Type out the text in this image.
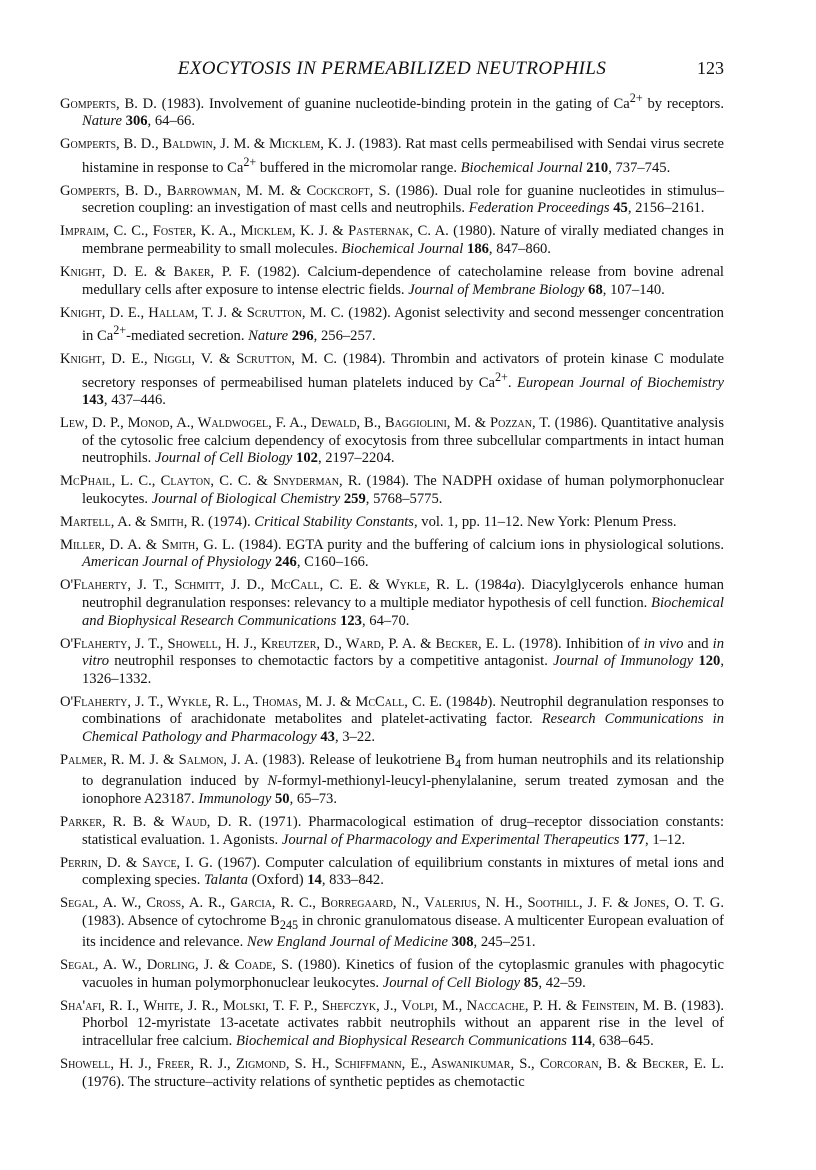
EXOCYTOSIS IN PERMEABILIZED NEUTROPHILS	123

Gomperts, B. D. (1983). Involvement of guanine nucleotide-binding protein in the gating of $Ca^{2+}$ by receptors. Nature 306, 64–66.

Gomperts, B. D., Baldwin, J. M. & Micklem, K. J. (1983). Rat mast cells permeabilised with Sendai virus secrete histamine in response to $Ca^{2+}$ buffered in the micromolar range. Biochemical Journal 210, 737–745.

Gomperts, B. D., Barrowman, M. M. & Cockcroft, S. (1986). Dual role for guanine nucleotides in stimulus–secretion coupling: an investigation of mast cells and neutrophils. Federation Proceedings 45, 2156–2161.

Impraim, C. C., Foster, K. A., Micklem, K. J. & Pasternak, C. A. (1980). Nature of virally mediated changes in membrane permeability to small molecules. Biochemical Journal 186, 847–860.

Knight, D. E. & Baker, P. F. (1982). Calcium-dependence of catecholamine release from bovine adrenal medullary cells after exposure to intense electric fields. Journal of Membrane Biology 68, 107–140.

Knight, D. E., Hallam, T. J. & Scrutton, M. C. (1982). Agonist selectivity and second messenger concentration in $Ca^{2+}$-mediated secretion. Nature 296, 256–257.

Knight, D. E., Niggli, V. & Scrutton, M. C. (1984). Thrombin and activators of protein kinase C modulate secretory responses of permeabilised human platelets induced by $Ca^{2+}$. European Journal of Biochemistry 143, 437–446.

Lew, D. P., Monod, A., Waldwogel, F. A., Dewald, B., Baggiolini, M. & Pozzan, T. (1986). Quantitative analysis of the cytosolic free calcium dependency of exocytosis from three subcellular compartments in intact human neutrophils. Journal of Cell Biology 102, 2197–2204.

McPhail, L. C., Clayton, C. C. & Snyderman, R. (1984). The NADPH oxidase of human polymorphonuclear leukocytes. Journal of Biological Chemistry 259, 5768–5775.

Martell, A. & Smith, R. (1974). Critical Stability Constants, vol. 1, pp. 11–12. New York: Plenum Press.

Miller, D. A. & Smith, G. L. (1984). EGTA purity and the buffering of calcium ions in physiological solutions. American Journal of Physiology 246, C160–166.

O'Flaherty, J. T., Schmitt, J. D., McCall, C. E. & Wykle, R. L. (1984a). Diacylglycerols enhance human neutrophil degranulation responses: relevancy to a multiple mediator hypothesis of cell function. Biochemical and Biophysical Research Communications 123, 64–70.

O'Flaherty, J. T., Showell, H. J., Kreutzer, D., Ward, P. A. & Becker, E. L. (1978). Inhibition of in vivo and in vitro neutrophil responses to chemotactic factors by a competitive antagonist. Journal of Immunology 120, 1326–1332.

O'Flaherty, J. T., Wykle, R. L., Thomas, M. J. & McCall, C. E. (1984b). Neutrophil degranulation responses to combinations of arachidonate metabolites and platelet-activating factor. Research Communications in Chemical Pathology and Pharmacology 43, 3–22.

Palmer, R. M. J. & Salmon, J. A. (1983). Release of leukotriene $B_4$ from human neutrophils and its relationship to degranulation induced by N-formyl-methionyl-leucyl-phenylalanine, serum treated zymosan and the ionophore A23187. Immunology 50, 65–73.

Parker, R. B. & Waud, D. R. (1971). Pharmacological estimation of drug–receptor dissociation constants: statistical evaluation. 1. Agonists. Journal of Pharmacology and Experimental Therapeutics 177, 1–12.

Perrin, D. & Sayce, I. G. (1967). Computer calculation of equilibrium constants in mixtures of metal ions and complexing species. Talanta (Oxford) 14, 833–842.

Segal, A. W., Cross, A. R., Garcia, R. C., Borregaard, N., Valerius, N. H., Soothill, J. F. & Jones, O. T. G. (1983). Absence of cytochrome $B_{245}$ in chronic granulomatous disease. A multicenter European evaluation of its incidence and relevance. New England Journal of Medicine 308, 245–251.

Segal, A. W., Dorling, J. & Coade, S. (1980). Kinetics of fusion of the cytoplasmic granules with phagocytic vacuoles in human polymorphonuclear leukocytes. Journal of Cell Biology 85, 42–59.

Sha'afi, R. I., White, J. R., Molski, T. F. P., Shefczyk, J., Volpi, M., Naccache, P. H. & Feinstein, M. B. (1983). Phorbol 12-myristate 13-acetate activates rabbit neutrophils without an apparent rise in the level of intracellular free calcium. Biochemical and Biophysical Research Communications 114, 638–645.

Showell, H. J., Freer, R. J., Zigmond, S. H., Schiffmann, E., Aswanikumar, S., Corcoran, B. & Becker, E. L. (1976). The structure–activity relations of synthetic peptides as chemotactic
